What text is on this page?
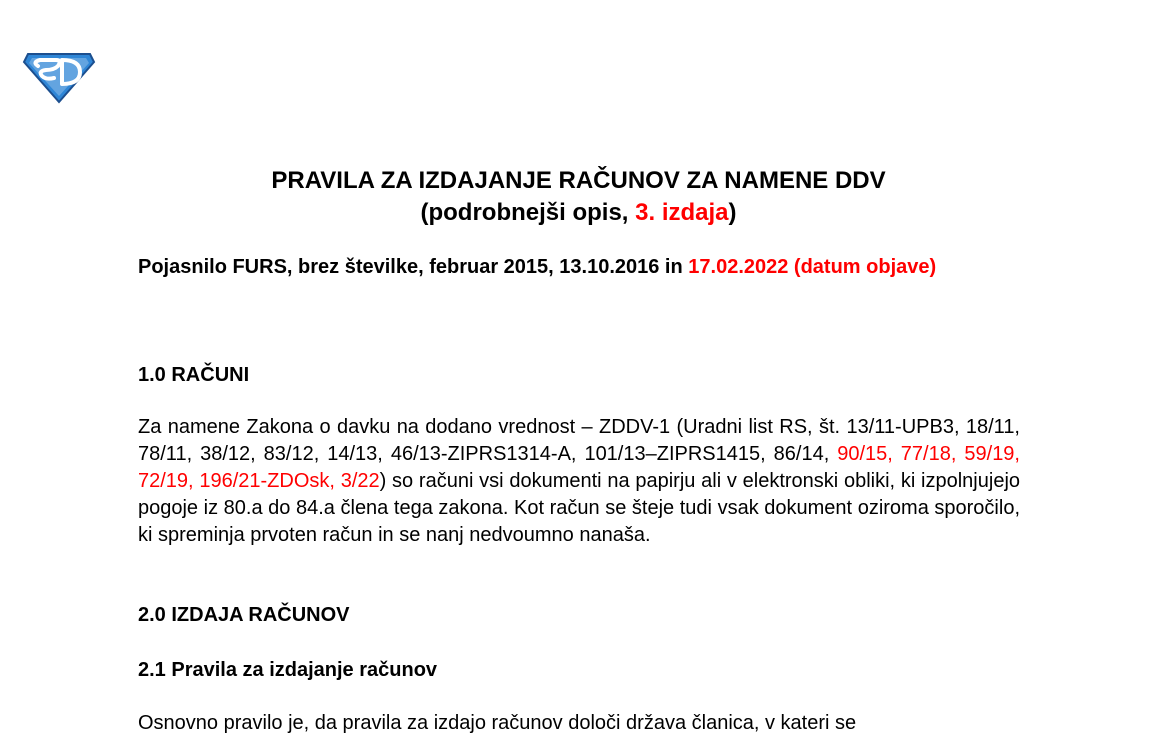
PRAVILA ZA IZDAJANJE RAČUNOV ZA NAMENE DDV
(podrobnejši opis, 3. izdaja)
Pojasnilo FURS, brez številke, februar 2015, 13.10.2016 in 17.02.2022 (datum objave)
1.0 RAČUNI
Za namene Zakona o davku na dodano vrednost – ZDDV-1 (Uradni list RS, št. 13/11-UPB3, 18/11, 78/11, 38/12, 83/12, 14/13, 46/13-ZIPRS1314-A, 101/13–ZIPRS1415, 86/14, 90/15, 77/18, 59/19, 72/19, 196/21-ZDOsk, 3/22) so računi vsi dokumenti na papirju ali v elektronski obliki, ki izpolnjujejo pogoje iz 80.a do 84.a člena tega zakona. Kot račun se šteje tudi vsak dokument oziroma sporočilo, ki spreminja prvoten račun in se nanj nedvoumno nanaša.
2.0 IZDAJA RAČUNOV
2.1 Pravila za izdajanje računov
Osnovno pravilo je, da pravila za izdajo računov določi država članica, v kateri se
